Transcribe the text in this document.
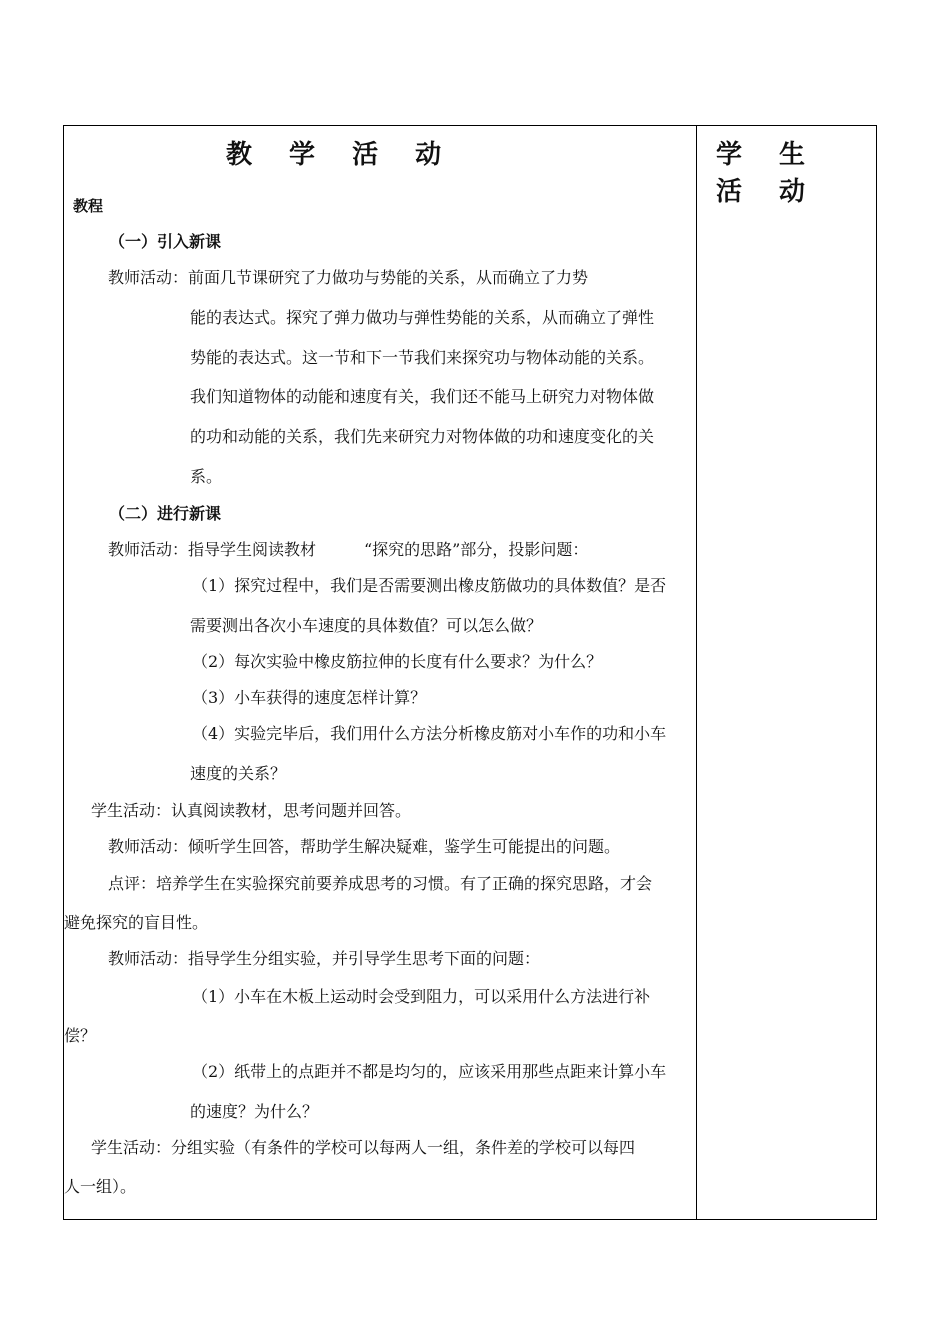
教 学 活 动	学 生 活 动
教程
（一）引入新课
教师活动：前面几节课研究了力做功与势能的关系，从而确立了力势
能的表达式。探究了弹力做功与弹性势能的关系，从而确立了弹性
势能的表达式。这一节和下一节我们来探究功与物体动能的关系。
我们知道物体的动能和速度有关，我们还不能马上研究力对物体做
的功和动能的关系，我们先来研究力对物体做的功和速度变化的关
系。
（二）进行新课
教师活动：指导学生阅读教材　　　“探究的思路”部分，投影问题：
（1）探究过程中，我们是否需要测出橡皮筋做功的具体数值？是否
需要测出各次小车速度的具体数值？可以怎么做？
（2）每次实验中橡皮筋拉伸的长度有什么要求？为什么？
（3）小车获得的速度怎样计算？
（4）实验完毕后，我们用什么方法分析橡皮筋对小车作的功和小车
速度的关系？
学生活动：认真阅读教材，思考问题并回答。
教师活动：倾听学生回答，帮助学生解决疑难，鉴学生可能提出的问题。
点评：培养学生在实验探究前要养成思考的习惯。有了正确的探究思路，才会
避免探究的盲目性。
教师活动：指导学生分组实验，并引导学生思考下面的问题：
（1）小车在木板上运动时会受到阻力，可以采用什么方法进行补
偿？
（2）纸带上的点距并不都是均匀的，应该采用那些点距来计算小车
的速度？为什么？
学生活动：分组实验（有条件的学校可以每两人一组，条件差的学校可以每四
人一组）。
